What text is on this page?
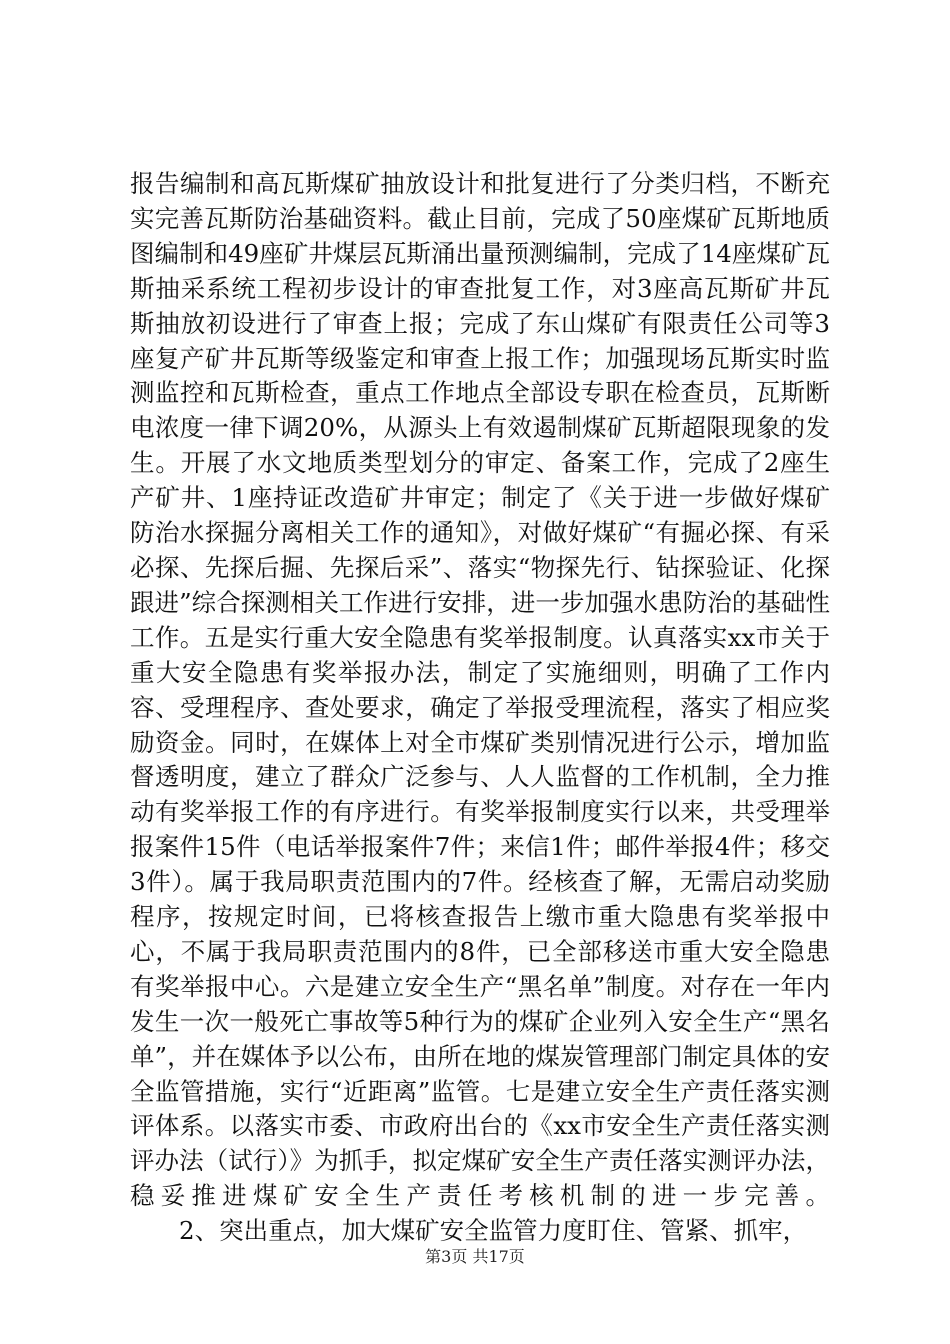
报告编制和高瓦斯煤矿抽放设计和批复进行了分类归档，不断充实完善瓦斯防治基础资料。截止目前，完成了50座煤矿瓦斯地质图编制和49座矿井煤层瓦斯涌出量预测编制，完成了14座煤矿瓦斯抽采系统工程初步设计的审查批复工作，对3座高瓦斯矿井瓦斯抽放初设进行了审查上报；完成了东山煤矿有限责任公司等3座复产矿井瓦斯等级鉴定和审查上报工作；加强现场瓦斯实时监测监控和瓦斯检查，重点工作地点全部设专职在检查员，瓦斯断电浓度一律下调20%，从源头上有效遏制煤矿瓦斯超限现象的发生。开展了水文地质类型划分的审定、备案工作，完成了2座生产矿井、1座持证改造矿井审定；制定了《关于进一步做好煤矿防治水探掘分离相关工作的通知》，对做好煤矿“有掘必探、有采必探、先探后掘、先探后采”、落实“物探先行、钻探验证、化探跟进”综合探测相关工作进行安排，进一步加强水患防治的基础性工作。五是实行重大安全隐患有奖举报制度。认真落实xx市关于重大安全隐患有奖举报办法，制定了实施细则，明确了工作内容、受理程序、查处要求，确定了举报受理流程，落实了相应奖励资金。同时，在媒体上对全市煤矿类别情况进行公示，增加监督透明度，建立了群众广泛参与、人人监督的工作机制，全力推动有奖举报工作的有序进行。有奖举报制度实行以来，共受理举报案件15件（电话举报案件7件；来信1件；邮件举报4件；移交3件）。属于我局职责范围内的7件。经核查了解，无需启动奖励程序，按规定时间，已将核查报告上缴市重大隐患有奖举报中心，不属于我局职责范围内的8件，已全部移送市重大安全隐患有奖举报中心。六是建立安全生产“黑名单”制度。对存在一年内发生一次一般死亡事故等5种行为的煤矿企业列入安全生产“黑名单”，并在媒体予以公布，由所在地的煤炭管理部门制定具体的安全监管措施，实行“近距离”监管。七是建立安全生产责任落实测评体系。以落实市委、市政府出台的《xx市安全生产责任落实测评办法（试行）》为抓手，拟定煤矿安全生产责任落实测评办法，稳妥推进煤矿安全生产责任考核机制的进一步完善。

2、突出重点，加大煤矿安全监管力度盯住、管紧、抓牢，

第3页 共17页
